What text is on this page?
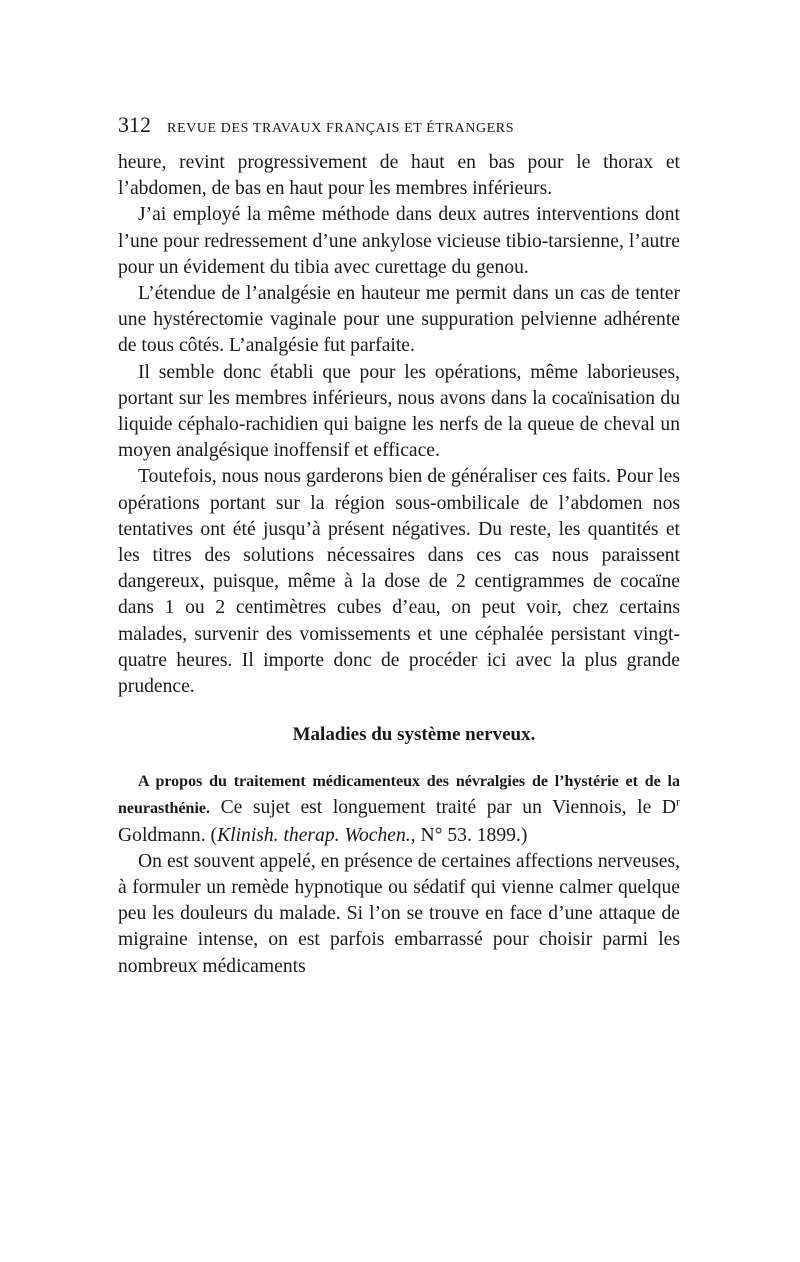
312 REVUE DES TRAVAUX FRANÇAIS ET ÉTRANGERS

heure, revint progressivement de haut en bas pour le thorax et l’abdomen, de bas en haut pour les membres inférieurs.

J’ai employé la même méthode dans deux autres interventions dont l’une pour redressement d’une ankylose vicieuse tibio-tarsienne, l’autre pour un évidement du tibia avec curettage du genou.

L’étendue de l’analgésie en hauteur me permit dans un cas de tenter une hystérectomie vaginale pour une suppuration pelvienne adhérente de tous côtés. L’analgésie fut parfaite.

Il semble donc établi que pour les opérations, même laborieuses, portant sur les membres inférieurs, nous avons dans la cocaïnisation du liquide céphalo-rachidien qui baigne les nerfs de la queue de cheval un moyen analgésique inoffensif et efficace.

Toutefois, nous nous garderons bien de généraliser ces faits. Pour les opérations portant sur la région sous-ombilicale de l’abdomen nos tentatives ont été jusqu’à présent négatives. Du reste, les quantités et les titres des solutions nécessaires dans ces cas nous paraissent dangereux, puisque, même à la dose de 2 centigrammes de cocaïne dans 1 ou 2 centimètres cubes d’eau, on peut voir, chez certains malades, survenir des vomissements et une céphalée persistant vingt-quatre heures. Il importe donc de procéder ici avec la plus grande prudence.

Maladies du système nerveux.

A propos du traitement médicamenteux des névralgies de l’hystérie et de la neurasthénie. Ce sujet est longuement traité par un Viennois, le $D^r$ Goldmann. (Klinish. therap. Wochen., N° 53. 1899.)

On est souvent appelé, en présence de certaines affections nerveuses, à formuler un remède hypnotique ou sédatif qui vienne calmer quelque peu les douleurs du malade. Si l’on se trouve en face d’une attaque de migraine intense, on est parfois embarrassé pour choisir parmi les nombreux médicaments
